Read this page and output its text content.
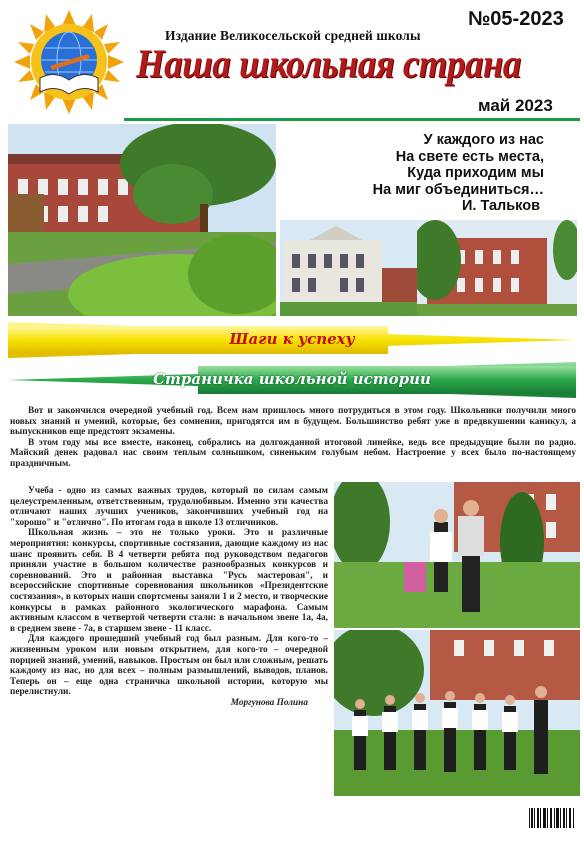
Издание Великосельской средней школы
№05-2023
Наша школьная страна
май 2023
У каждого из нас
На свете есть места,
Куда приходим мы
На миг объединиться…
И. Тальков
Шаги к успеху
Страничка школьной истории

Вот и закончился очередной учебный год. Всем нам пришлось много потрудиться в этом году. Школьники получили много новых знаний и умений, которые, без сомнения, пригодятся им в будущем. Большинство ребят уже в предвкушении каникул, а выпускников еще предстоят экзамены.

В этом году мы все вместе, наконец, собрались на долгожданной итоговой линейке, ведь все предыдущие были по радио. Майский денек радовал нас своим теплым солнышком, синеньким голубым небом. Настроение у всех было по-настоящему праздничным.

Учеба - одно из самых важных трудов, который по силам самым целеустремленным, ответственным, трудолюбивым. Именно эти качества отличают наших лучших учеников, закончивших учебный год на "хорошо" и "отлично". По итогам года в школе 13 отличников.

Школьная жизнь – это не только уроки. Это и различные мероприятия: конкурсы, спортивные состязания, дающие каждому из нас шанс проявить себя. В 4 четверти ребята под руководством педагогов приняли участие в большом количестве разнообразных конкурсов и соревнований. Это и районная выставка "Русь мастеровая", и всероссийские спортивные соревнования школьников «Президентские состязания», в которых наши спортсмены заняли 1 и 2 место, и творческие конкурсы в рамках районного экологического марафона. Самым активным классом в четвертой четверти стали: в начальном звене 1а, 4а, в среднем звене - 7а, в старшем звене - 11 класс.

Для каждого прошедший учебный год был разным. Для кого-то – жизненным уроком или новым открытием, для кого-то – очередной порцией знаний, умений, навыков. Простым он был или сложным, решать каждому из нас, но для всех – полным размышлений, выводов, планов. Теперь он – еще одна страничка школьной истории, которую мы перелистнули.

Моргунова Полина
